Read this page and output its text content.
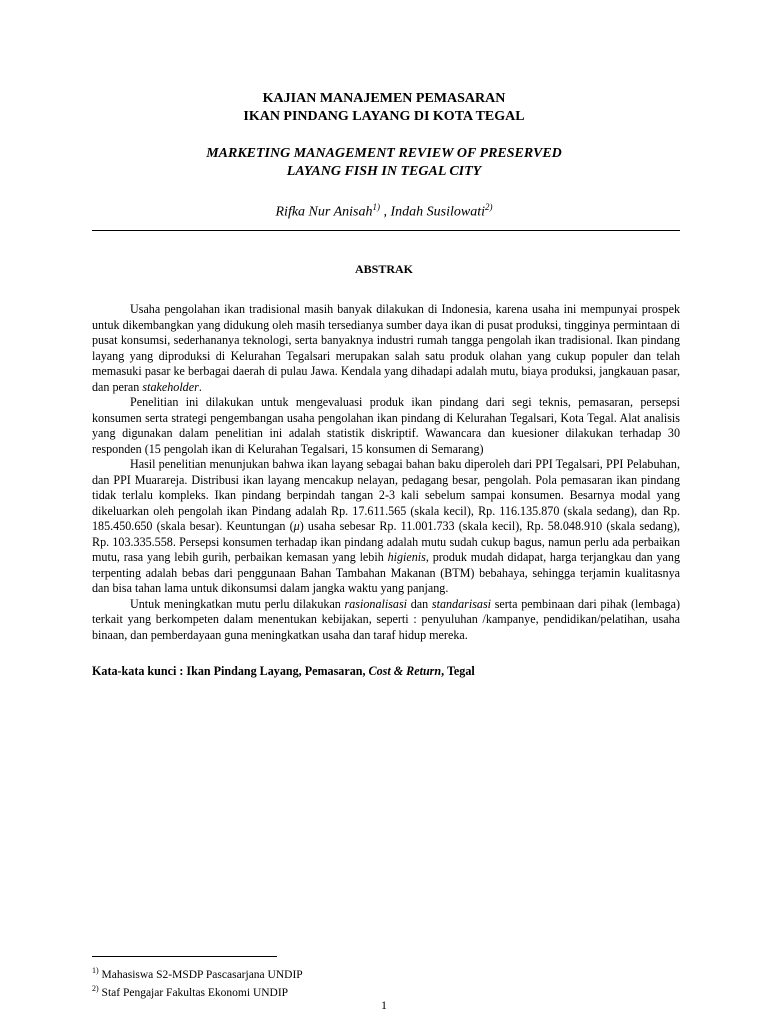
KAJIAN MANAJEMEN PEMASARAN
IKAN PINDANG LAYANG DI KOTA TEGAL
MARKETING MANAGEMENT REVIEW OF PRESERVED
LAYANG FISH IN TEGAL CITY
Rifka Nur Anisah$^{1)}$ , Indah Susilowati$^{2)}$
ABSTRAK

Usaha pengolahan ikan tradisional masih banyak dilakukan di Indonesia, karena usaha ini mempunyai prospek untuk dikembangkan yang didukung oleh masih tersedianya sumber daya ikan di pusat produksi, tingginya permintaan di pusat konsumsi, sederhananya teknologi, serta banyaknya industri rumah tangga pengolah ikan tradisional. Ikan pindang layang yang diproduksi di Kelurahan Tegalsari merupakan salah satu produk olahan yang cukup populer dan telah memasuki pasar ke berbagai daerah di pulau Jawa. Kendala yang dihadapi adalah mutu, biaya produksi, jangkauan pasar, dan peran stakeholder.

Penelitian ini dilakukan untuk mengevaluasi produk ikan pindang dari segi teknis, pemasaran, persepsi konsumen serta strategi pengembangan usaha pengolahan ikan pindang di Kelurahan Tegalsari, Kota Tegal. Alat analisis yang digunakan dalam penelitian ini adalah statistik diskriptif. Wawancara dan kuesioner dilakukan terhadap 30 responden (15 pengolah ikan di Kelurahan Tegalsari, 15 konsumen di Semarang)

Hasil penelitian menunjukan bahwa ikan layang sebagai bahan baku diperoleh dari PPI Tegalsari, PPI Pelabuhan, dan PPI Muararejа. Distribusi ikan layang mencakup nelayan, pedagang besar, pengolah. Pola pemasaran ikan pindang tidak terlalu kompleks. Ikan pindang berpindah tangan 2-3 kali sebelum sampai konsumen. Besarnya modal yang dikeluarkan oleh pengolah ikan Pindang adalah Rp. 17.611.565 (skala kecil), Rp. 116.135.870 (skala sedang), dan Rp. 185.450.650 (skala besar). Keuntungan (μ) usaha sebesar Rp. 11.001.733 (skala kecil), Rp. 58.048.910 (skala sedang), Rp. 103.335.558. Persepsi konsumen terhadap ikan pindang adalah mutu sudah cukup bagus, namun perlu ada perbaikan mutu, rasa yang lebih gurih, perbaikan kemasan yang lebih higienis, produk mudah didapat, harga terjangkau dan yang terpenting adalah bebas dari penggunaan Bahan Tambahan Makanan (BTM) bebahaya, sehingga terjamin kualitasnya dan bisa tahan lama untuk dikonsumsi dalam jangka waktu yang panjang.

Untuk meningkatkan mutu perlu dilakukan rasionalisasi dan standarisasi serta pembinaan dari pihak (lembaga) terkait yang berkompeten dalam menentukan kebijakan, seperti : penyuluhan /kampanye, pendidikan/pelatihan, usaha binaan, dan pemberdayaan guna meningkatkan usaha dan taraf hidup mereka.

Kata-kata kunci : Ikan Pindang Layang, Pemasaran, Cost & Return, Tegal
$^{1)}$ Mahasiswa S2-MSDP Pascasarjana UNDIP
$^{2)}$ Staf Pengajar Fakultas Ekonomi UNDIP
1
